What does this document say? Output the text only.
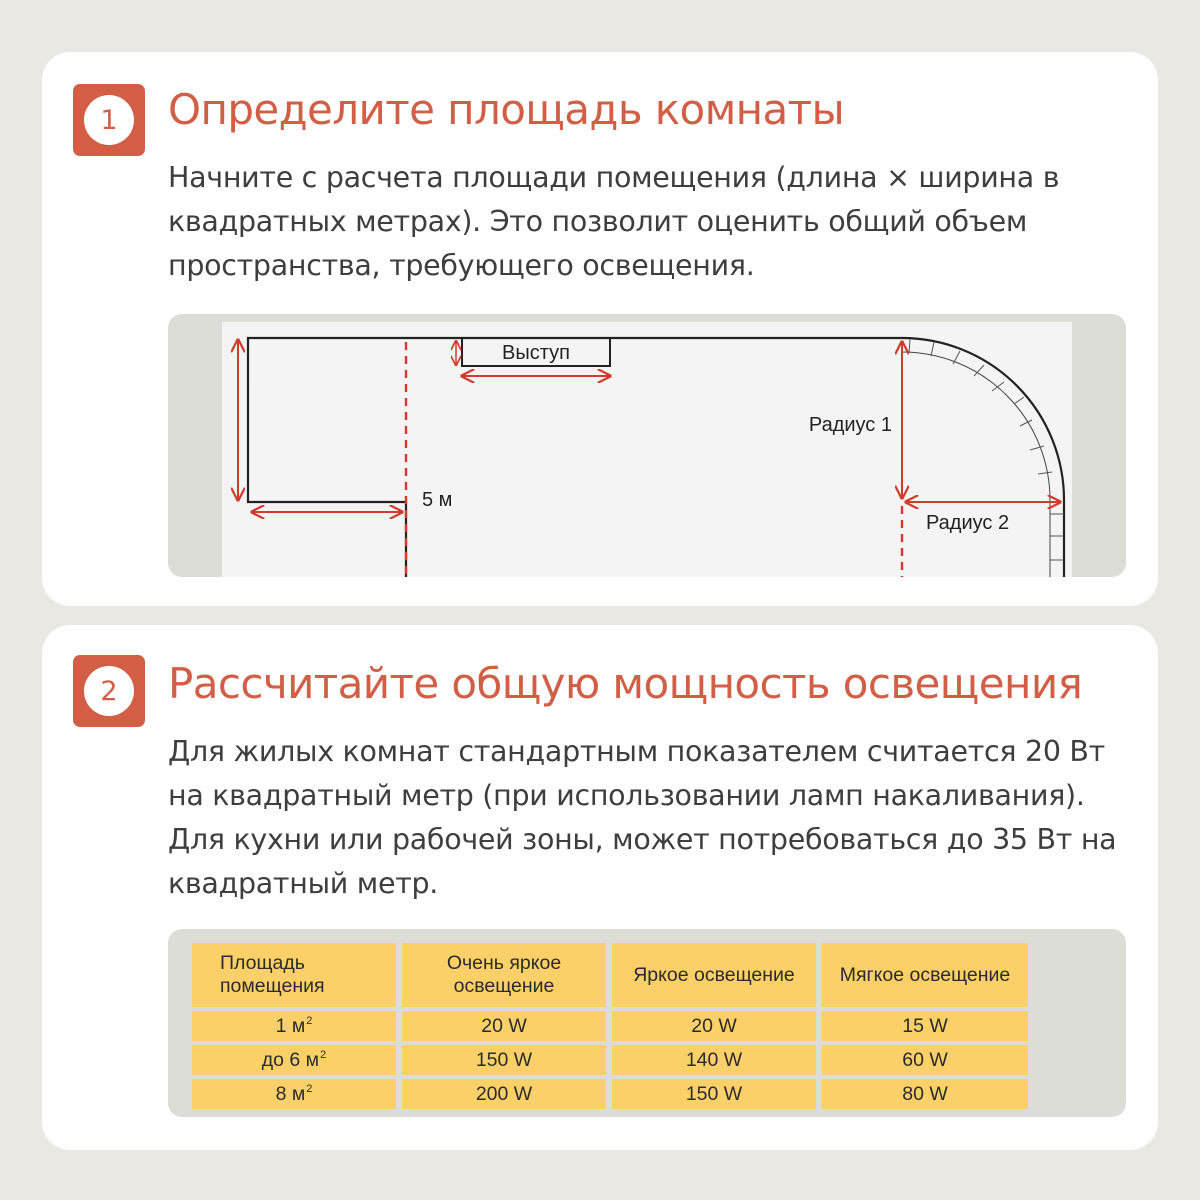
1	Определите площадь комнаты
Начните с расчета площади помещения (длина × ширина в квадратных метрах). Это позволит оценить общий объем пространства, требующего освещения.
Выступ
5 м
Радиус 1
Радиус 2
2	Рассчитайте общую мощность освещения
Для жилых комнат стандартным показателем считается 20 Вт на квадратный метр (при использовании ламп накаливания). Для кухни или рабочей зоны, может потребоваться до 35 Вт на квадратный метр.
Площадь помещения	Очень яркое освещение	Яркое освещение	Мягкое освещение
1 $м^2$	20 W	20 W	15 W
до 6 $м^2$	150 W	140 W	60 W
8 $м^2$	200 W	150 W	80 W
